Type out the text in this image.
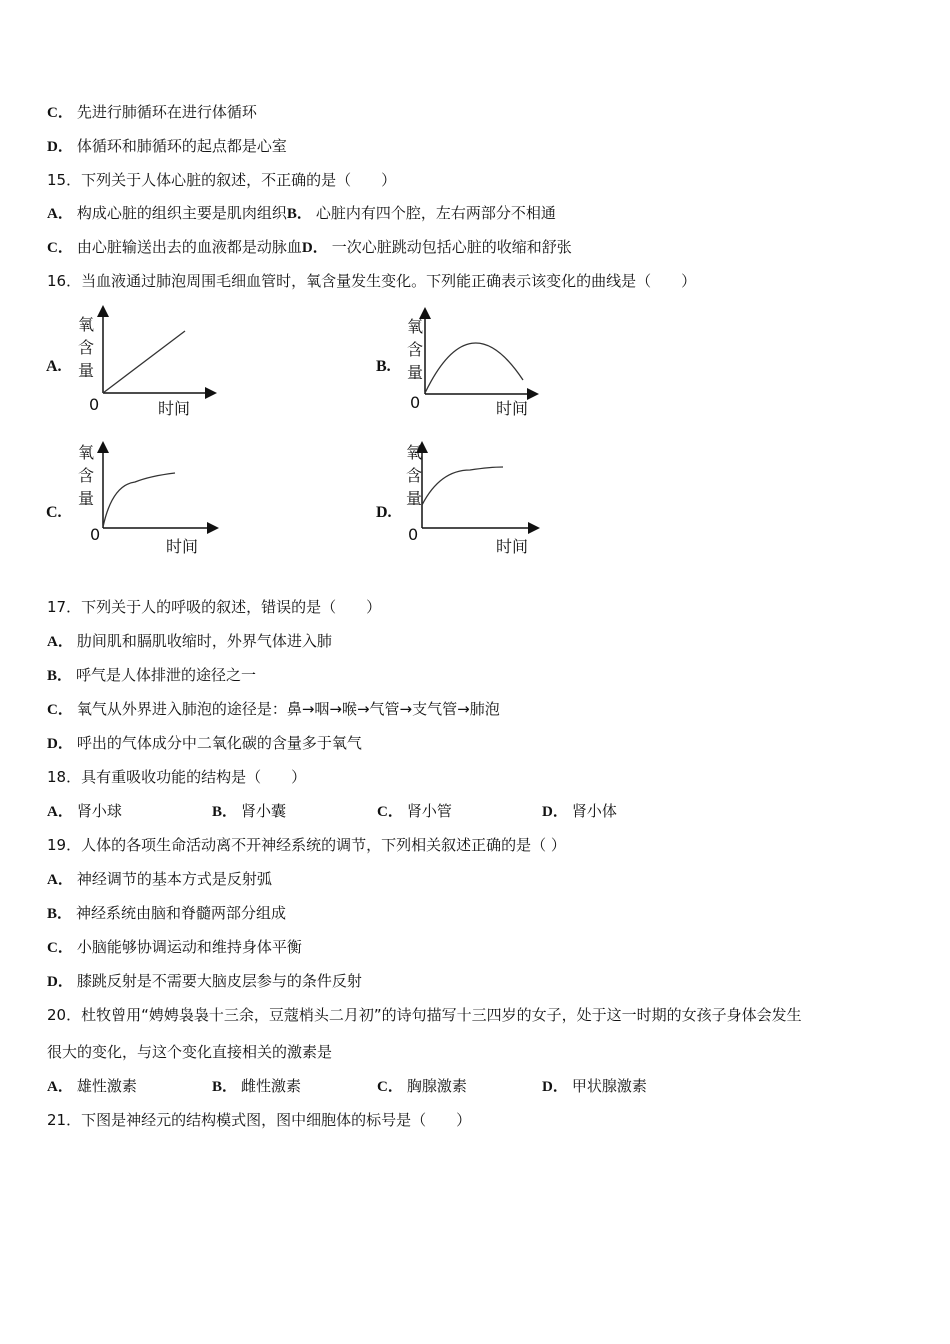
C． 先进行肺循环在进行体循环
D． 体循环和肺循环的起点都是心室
15．下列关于人体心脏的叙述，不正确的是（　　）
A． 构成心脏的组织主要是肌肉组织B． 心脏内有四个腔，左右两部分不相通
C． 由心脏输送出去的血液都是动脉血D． 一次心脏跳动包括心脏的收缩和舒张
16．当血液通过肺泡周围毛细血管时，氧含量发生变化。下列能正确表示该变化的曲线是（　　）
A.
氧
含
量
0	时间
B.
氧
含
量
0	时间
C.
氧
含
量
0
时间
D.
氧
含
量
0
时间
17．下列关于人的呼吸的叙述，错误的是（　　）
A． 肋间肌和膈肌收缩时，外界气体进入肺
B． 呼气是人体排泄的途径之一
C． 氧气从外界进入肺泡的途径是：鼻→咽→喉→气管→支气管→肺泡
D． 呼出的气体成分中二氧化碳的含量多于氧气
18．具有重吸收功能的结构是（　　）
A． 肾小球	B． 肾小囊	C． 肾小管	D． 肾小体
19．人体的各项生命活动离不开神经系统的调节，下列相关叙述正确的是（ ）
A． 神经调节的基本方式是反射弧
B． 神经系统由脑和脊髓两部分组成
C． 小脑能够协调运动和维持身体平衡
D． 膝跳反射是不需要大脑皮层参与的条件反射
20．杜牧曾用“娉娉袅袅十三余，豆蔻梢头二月初”的诗句描写十三四岁的女子，处于这一时期的女孩子身体会发生
很大的变化，与这个变化直接相关的激素是
A． 雄性激素	B． 雌性激素	C． 胸腺激素	D． 甲状腺激素
21．下图是神经元的结构模式图，图中细胞体的标号是（　　）
